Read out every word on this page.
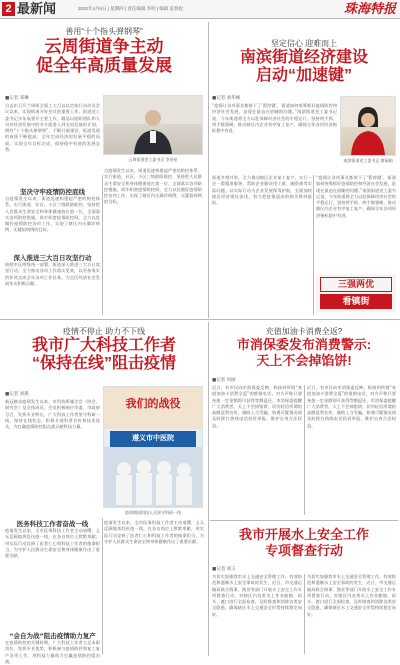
2 最新闻	2020年4月6日 | 星期四 | 责任编辑 李明 | 编辑 雷春松	珠海特报
善用“十个指头弹钢琴”
云周街道争主动
促全年高质量发展
■记者 邓琳
自去年召开兰周街全面工大召以以定依行动动员会议以来，实现街道开好会议的重要工作，街道党工委书记多年高要开主要工作，精品以组织团队和人员对经济发展中的多方面进入到全局发展的计划。拥有“十个指头弹钢琴”，不断开展建设，街道发展的成绩不断提高，全年完成经济的发展平稳的局面，实现全年目标完成，保持稳中有进的发展态势。
云周街道党工委书记 李金星
坚决守牢疫情防控底线
自疫情发生以来，街道迅速构建起严密的防控体系，实行街道、社区、小区三级联防联控，坚持把人民群众生命安全和身体健康放在第一位，全面落实各项防控措施，筑牢织密疫情防控网，全力以赴做好疫情防控各项工作，实现了辖区内无确诊病例、无疑似病例的目标。
深入推进三大百日攻坚行动
按照市区两级统一部署，街道深入推进三大百日攻坚行动，全力推动各项工作落实见效，以更加务实的作风完成全年各项工作任务，为全区经济社会发展作出积极贡献。
自疫情发生以来，街道迅速构建起严密的防控体系，实行街道、社区、小区三级联防联控，坚持把人民群众生命安全和身体健康放在第一位，全面落实各项防控措施，筑牢织密疫情防控网，全力以赴做好疫情防控各项工作，实现了辖区内无确诊病例、无疑似病例的目标。
坚定信心 迎难而上
南滨街道经济建设
启动“加速键”
■记者 刘华峰
“疫情让各项事业都按下了‘暂停键’，街道如何统筹抓好疫情防控和经济社会发展，是现在最迫在眉睫的问题。”南滨街道党工委书记说，今年街道将全力以赴保障经济社会的平稳运行，坚持两手抓、两手都要硬，推动辖区内企业有序复工复产，确保全年各项经济指标稳中有进。
南滨街道党工委书记 廖丽娟
街道多措并举，全力推动辖区企业复工复产，实行一企一策精准服务，帮助企业解决用工难、融资难等实际问题，以实际行动为企业发展保驾护航，全面加快辖区经济建设步伐，努力把疫情造成的损失降到最低。
“疫情让各项事业都按下了‘暂停键’，街道如何统筹抓好疫情防控和经济社会发展，是现在最迫在眉睫的问题。”南滨街道党工委书记说，今年街道将全力以赴保障经济社会的平稳运行，坚持两手抓、两手都要硬，推动辖区内企业有序复工复产，确保全年各项经济指标稳中有进。
三强两优
看镇街
疫情不停止 助力不下线
我市广大科技工作者
“保持在线”阻击疫情
■记者 刘燕
新冠肺炎疫情发生以来，市科协所属学会（协会、研究会）及全体成员、会员积极响应市委、市政府号召，发挥专业特长，广大科技工作者坚守科研一线，保持在线状态，积极开展科普宣传和技术攻关，为打赢疫情防控阻击战贡献科技力量。
我们的战役
遵义市中医院
疫情期间科技人员坚守科研一线
医务科技工作者奋战一线
疫情发生以来，全市医务科技工作者主动请缨，义无反顾地奔赴抗疫一线，在各自岗位上默默奉献，用实际行动诠释了医者仁心和科技工作者的使命担当，为守护人民群众生命安全和身体健康作出了重要贡献。
“会自为战”阻击疫情助力复产
在疫情防控的关键时期，广大科技工作者立足本职岗位，发挥专业优势，积极参与疫情防控和复工复产各项工作，用科技力量助力打赢疫情防控阻击战。
疫情发生以来，全市医务科技工作者主动请缨，义无反顾地奔赴抗疫一线，在各自岗位上默默奉献，用实际行动诠释了医者仁心和科技工作者的使命担当，为守护人民群众生命安全和身体健康作出了重要贡献。
充值加油卡消费全返?
市消保委发布消费警示:
天上不会掉馅饼!
■记者 何丽
近日，有市民向市消保委反映，称接到所谓“充值加油卡消费全返”的推销电话，对方声称只要充值一定金额即可获得等额返还。市消保委提醒广大消费者，天上不会掉馅饼，切勿轻信所谓的高额返利宣传，谨防上当受骗，如遇可疑情况请及时拨打热线电话投诉举报，维护自身合法权益。
近日，有市民向市消保委反映，称接到所谓“充值加油卡消费全返”的推销电话，对方声称只要充值一定金额即可获得等额返还。市消保委提醒广大消费者，天上不会掉馅饼，切勿轻信所谓的高额返利宣传，谨防上当受骗，如遇可疑情况请及时拨打热线电话投诉举报，维护自身合法权益。
我市开展水上安全工作
专项督查行动
■记者 刘玉
为切实加强我市水上交通安全管理工作，有效防范和遏制水上安全事故的发生，近日，市交通运输局联合海事、渔业等部门开展水上安全工作专项督查行动，对辖区内各类水上作业船舶、码头、渡口进行全面检查，及时排查和消除各类安全隐患，确保辖区水上交通安全形势持续稳定向好。
为切实加强我市水上交通安全管理工作，有效防范和遏制水上安全事故的发生，近日，市交通运输局联合海事、渔业等部门开展水上安全工作专项督查行动，对辖区内各类水上作业船舶、码头、渡口进行全面检查，及时排查和消除各类安全隐患，确保辖区水上交通安全形势持续稳定向好。
